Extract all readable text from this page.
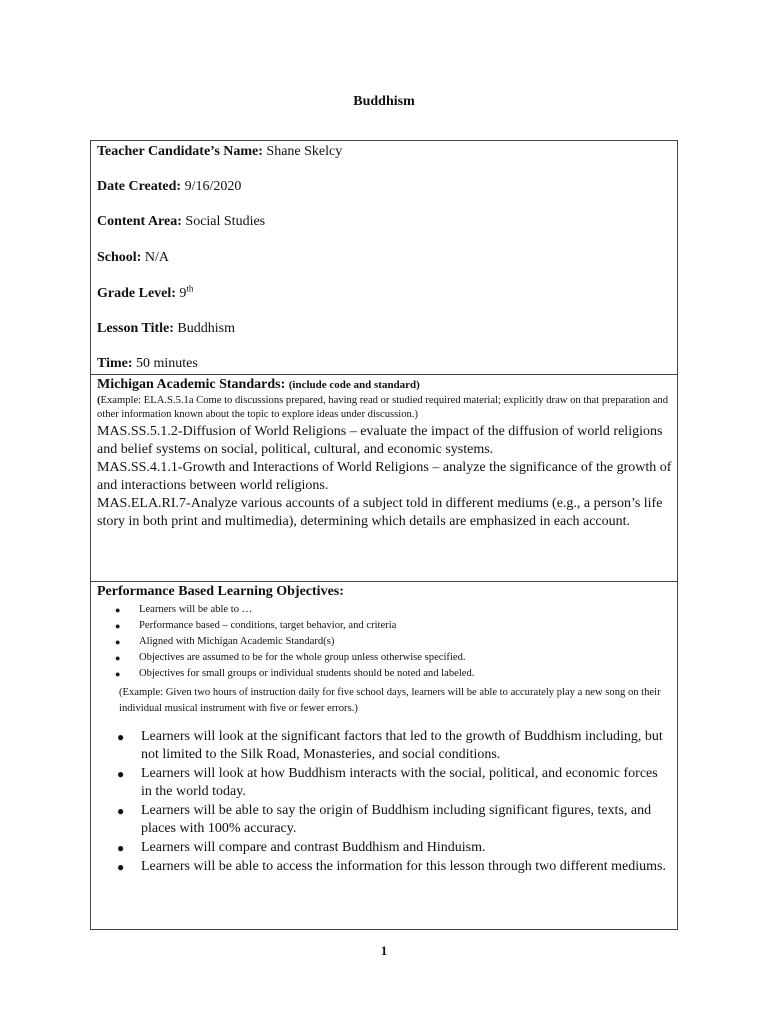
Buddhism
Teacher Candidate’s Name: Shane Skelcy
Date Created: 9/16/2020
Content Area: Social Studies
School: N/A
Grade Level: 9th
Lesson Title: Buddhism
Time: 50 minutes
Michigan Academic Standards: (include code and standard)
(Example: ELA.S.5.1a Come to discussions prepared, having read or studied required material; explicitly draw on that preparation and other information known about the topic to explore ideas under discussion.)

MAS.SS.5.1.2-Diffusion of World Religions – evaluate the impact of the diffusion of world religions and belief systems on social, political, cultural, and economic systems.

MAS.SS.4.1.1-Growth and Interactions of World Religions – analyze the significance of the growth of and interactions between world religions.

MAS.ELA.RI.7-Analyze various accounts of a subject told in different mediums (e.g., a person’s life story in both print and multimedia), determining which details are emphasized in each account.

Performance Based Learning Objectives:
● Learners will be able to …
● Performance based – conditions, target behavior, and criteria
● Aligned with Michigan Academic Standard(s)
● Objectives are assumed to be for the whole group unless otherwise specified.
● Objectives for small groups or individual students should be noted and labeled.
(Example: Given two hours of instruction daily for five school days, learners will be able to accurately play a new song on their individual musical instrument with five or fewer errors.)
● Learners will look at the significant factors that led to the growth of Buddhism including, but not limited to the Silk Road, Monasteries, and social conditions.
● Learners will look at how Buddhism interacts with the social, political, and economic forces in the world today.
● Learners will be able to say the origin of Buddhism including significant figures, texts, and places with 100% accuracy.
● Learners will compare and contrast Buddhism and Hinduism.
● Learners will be able to access the information for this lesson through two different mediums.
1
